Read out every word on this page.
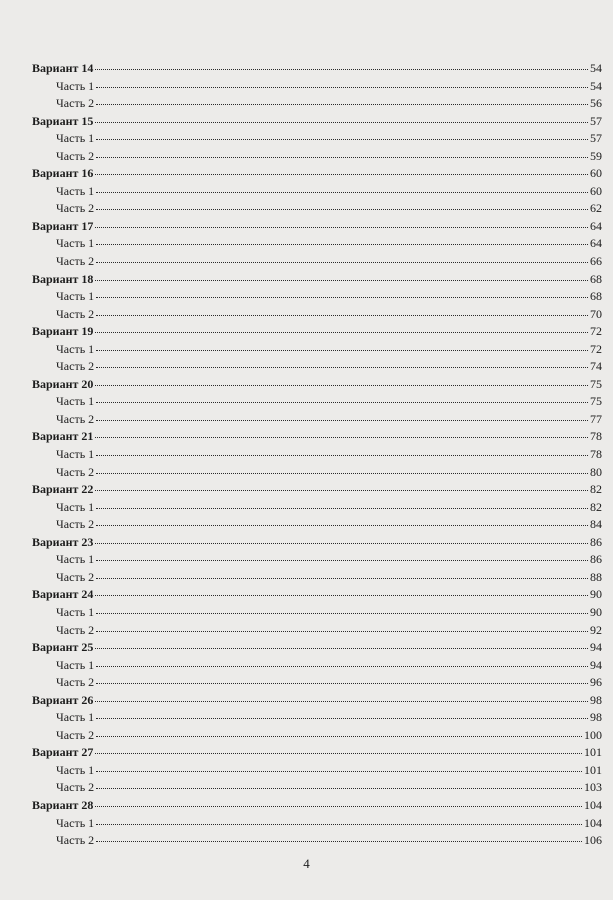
Вариант 14	54
Часть 1	54
Часть 2	56
Вариант 15	57
Часть 1	57
Часть 2	59
Вариант 16	60
Часть 1	60
Часть 2	62
Вариант 17	64
Часть 1	64
Часть 2	66
Вариант 18	68
Часть 1	68
Часть 2	70
Вариант 19	72
Часть 1	72
Часть 2	74
Вариант 20	75
Часть 1	75
Часть 2	77
Вариант 21	78
Часть 1	78
Часть 2	80
Вариант 22	82
Часть 1	82
Часть 2	84
Вариант 23	86
Часть 1	86
Часть 2	88
Вариант 24	90
Часть 1	90
Часть 2	92
Вариант 25	94
Часть 1	94
Часть 2	96
Вариант 26	98
Часть 1	98
Часть 2	100
Вариант 27	101
Часть 1	101
Часть 2	103
Вариант 28	104
Часть 1	104
Часть 2	106
4
